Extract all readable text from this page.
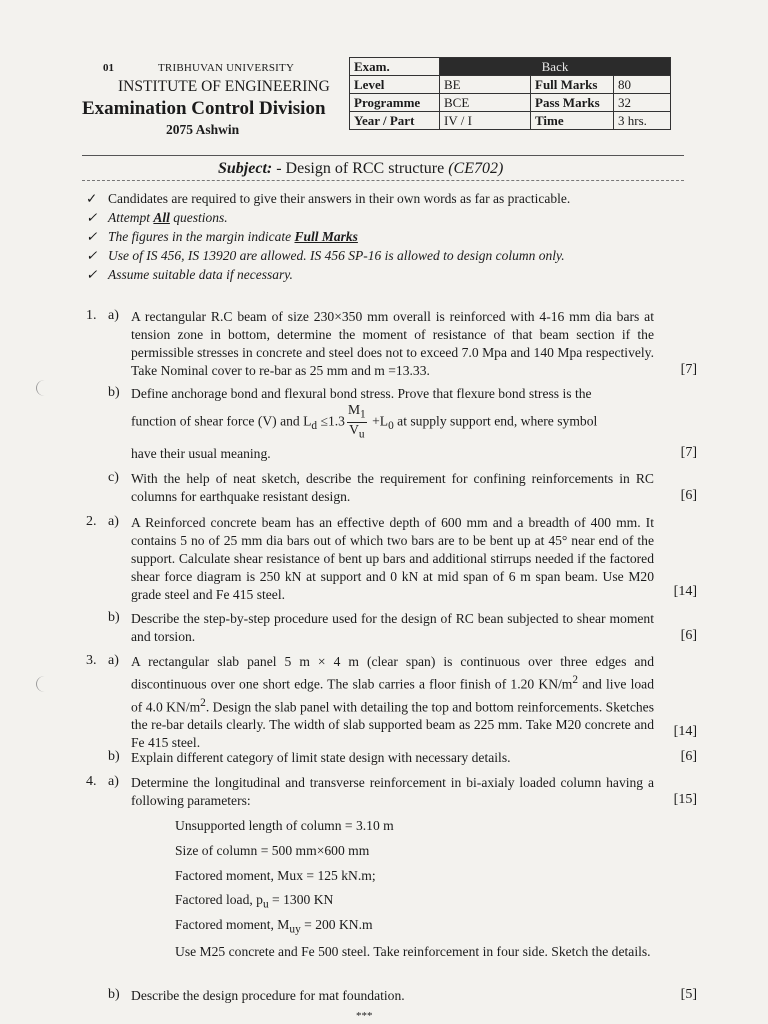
01	TRIBHUVAN UNIVERSITY
INSTITUTE OF ENGINEERING
Examination Control Division
2075 Ashwin
Exam.	Back		
Level	BE	Full Marks	80
Programme	BCE	Pass Marks	32
Year / Part	IV / I	Time	3 hrs.
Subject: - Design of RCC structure (CE702)
✓ Candidates are required to give their answers in their own words as far as practicable.
✓ Attempt All questions.
✓ The figures in the margin indicate Full Marks
✓ Use of IS 456, IS 13920 are allowed. IS 456 SP-16 is allowed to design column only.
✓ Assume suitable data if necessary.
1. a) A rectangular R.C beam of size 230×350 mm overall is reinforced with 4-16 mm dia bars at tension zone in bottom, determine the moment of resistance of that beam section if the permissible stresses in concrete and steel does not to exceed 7.0 Mpa and 140 Mpa respectively. Take Nominal cover to re-bar as 25 mm and m =13.33.	[7]
b) Define anchorage bond and flexural bond stress. Prove that flexure bond stress is the
function of shear force (V) and $L_d \le 1.3 \frac{M_1}{V_u} +L_0$ at supply support end, where symbol
have their usual meaning.	[7]
c) With the help of neat sketch, describe the requirement for confining reinforcements in RC columns for earthquake resistant design.	[6]
2. a) A Reinforced concrete beam has an effective depth of 600 mm and a breadth of 400 mm. It contains 5 no of 25 mm dia bars out of which two bars are to be bent up at 45° near end of the support. Calculate shear resistance of bent up bars and additional stirrups needed if the factored shear force diagram is 250 kN at support and 0 kN at mid span of 6 m span beam. Use M20 grade steel and Fe 415 steel.	[14]
b) Describe the step-by-step procedure used for the design of RC bean subjected to shear moment and torsion.	[6]
3. a) A rectangular slab panel 5 m × 4 m (clear span) is continuous over three edges and discontinuous over one short edge. The slab carries a floor finish of 1.20 $KN/m^2$ and live load of 4.0 $KN/m^2$. Design the slab panel with detailing the top and bottom reinforcements. Sketches the re-bar details clearly. The width of slab supported beam as 225 mm. Take M20 concrete and Fe 415 steel.
[14]
b) Explain different category of limit state design with necessary details.	[6]
4. a) Determine the longitudinal and transverse reinforcement in bi-axialy loaded column having a following parameters:	[15]
Unsupported length of column = 3.10 m
Size of column = 500 mm×600 mm
Factored moment, Mux = 125 kN.m;
Factored load, $p_u = 1300$ KN
Factored moment, $M_{uy} = 200$ KN.m
Use M25 concrete and Fe 500 steel. Take reinforcement in four side. Sketch the details.
b) Describe the design procedure for mat foundation.	[5]
***
